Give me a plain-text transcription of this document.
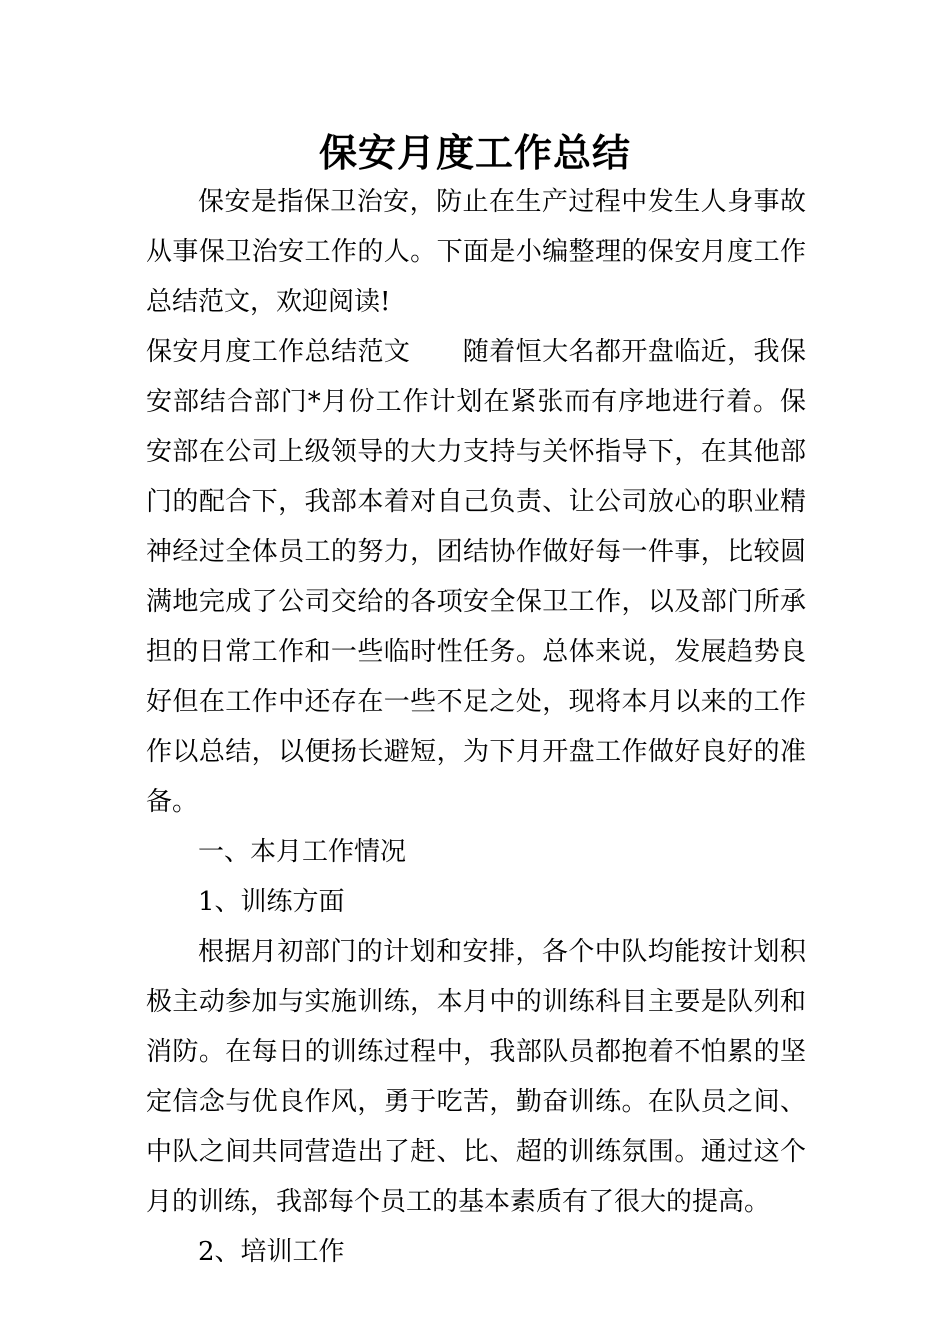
保安月度工作总结

保安是指保卫治安，防止在生产过程中发生人身事故从事保卫治安工作的人。下面是小编整理的保安月度工作总结范文，欢迎阅读!

保安月度工作总结范文 随着恒大名都开盘临近，我保安部结合部门*月份工作计划在紧张而有序地进行着。保安部在公司上级领导的大力支持与关怀指导下，在其他部门的配合下，我部本着对自己负责、让公司放心的职业精神经过全体员工的努力，团结协作做好每一件事，比较圆满地完成了公司交给的各项安全保卫工作，以及部门所承担的日常工作和一些临时性任务。总体来说，发展趋势良好但在工作中还存在一些不足之处，现将本月以来的工作作以总结，以便扬长避短，为下月开盘工作做好良好的准备。

一、本月工作情况

1、训练方面

根据月初部门的计划和安排，各个中队均能按计划积极主动参加与实施训练，本月中的训练科目主要是队列和消防。在每日的训练过程中，我部队员都抱着不怕累的坚定信念与优良作风，勇于吃苦，勤奋训练。在队员之间、中队之间共同营造出了赶、比、超的训练氛围。通过这个月的训练，我部每个员工的基本素质有了很大的提高。

2、培训工作
